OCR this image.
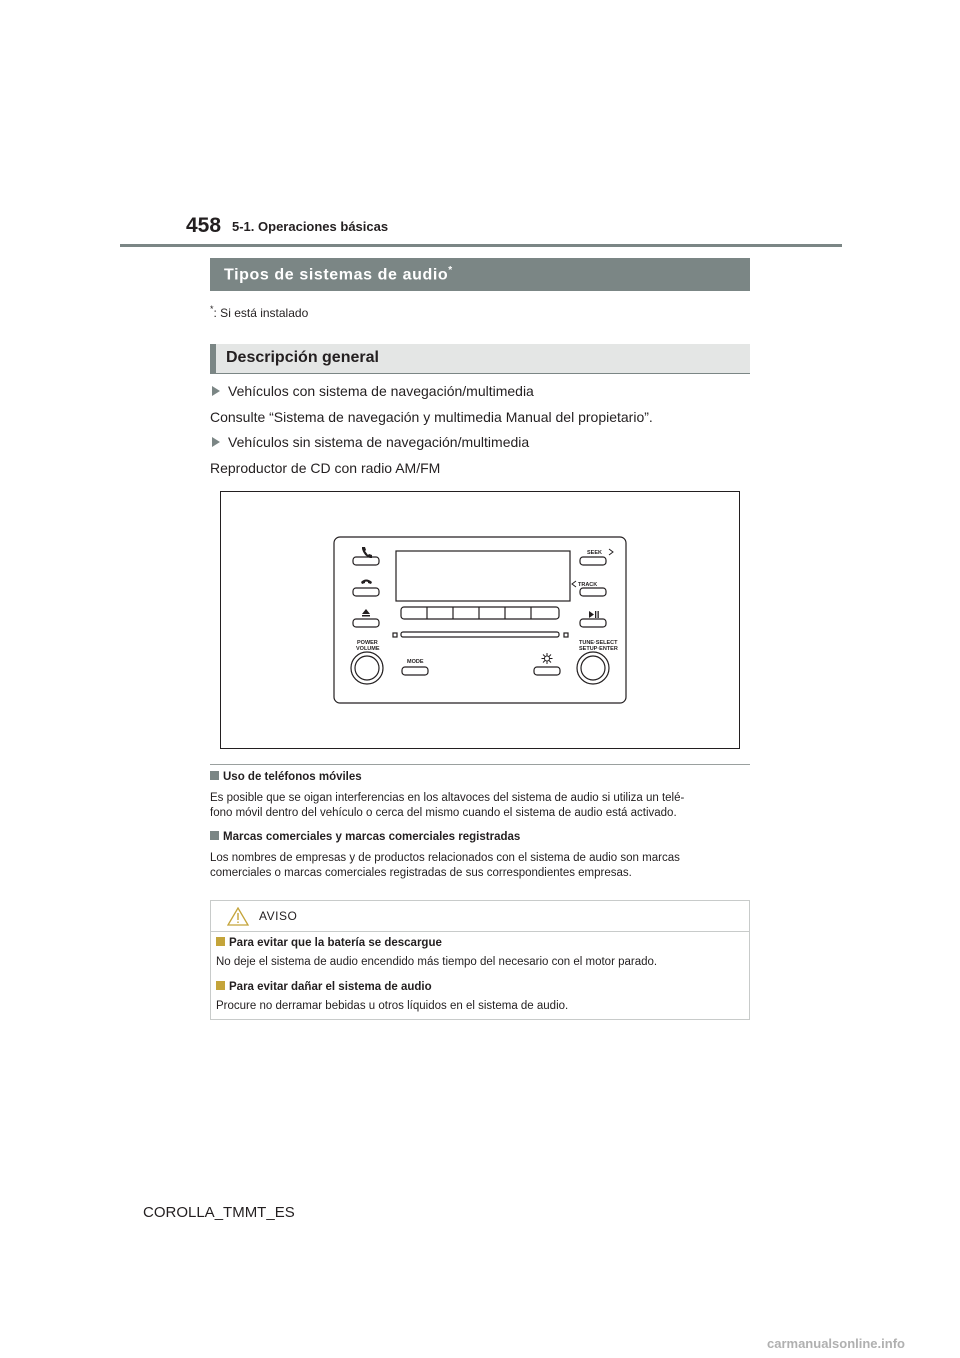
458 5-1. Operaciones básicas
Tipos de sistemas de audio*
*: Si está instalado
Descripción general
Vehículos con sistema de navegación/multimedia
Consulte “Sistema de navegación y multimedia Manual del propietario”.
Vehículos sin sistema de navegación/multimedia
Reproductor de CD con radio AM/FM
SEEK
TRACK
POWER
VOLUME
TUNE·SELECT
SETUP·ENTER
MODE
Uso de teléfonos móviles
Es posible que se oigan interferencias en los altavoces del sistema de audio si utiliza un telé-
fono móvil dentro del vehículo o cerca del mismo cuando el sistema de audio está activado.
Marcas comerciales y marcas comerciales registradas
Los nombres de empresas y de productos relacionados con el sistema de audio son marcas
comerciales o marcas comerciales registradas de sus correspondientes empresas.
AVISO
Para evitar que la batería se descargue
No deje el sistema de audio encendido más tiempo del necesario con el motor parado.
Para evitar dañar el sistema de audio
Procure no derramar bebidas u otros líquidos en el sistema de audio.
COROLLA_TMMT_ES
carmanualsonline.info
